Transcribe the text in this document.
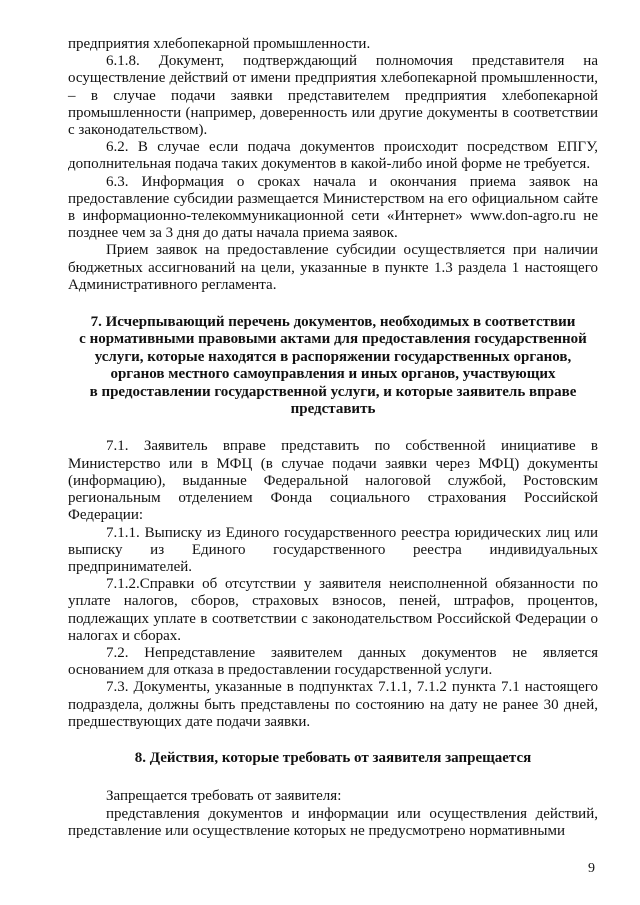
предприятия хлебопекарной промышленности.

6.1.8. Документ, подтверждающий полномочия представителя на осуществление действий от имени предприятия хлебопекарной промышленности, – в случае подачи заявки представителем предприятия хлебопекарной промышленности (например, доверенность или другие документы в соответствии с законодательством).

6.2. В случае если подача документов происходит посредством ЕПГУ, дополнительная подача таких документов в какой-либо иной форме не требуется.

6.3. Информация о сроках начала и окончания приема заявок на предоставление субсидии размещается Министерством на его официальном сайте в информационно-телекоммуникационной сети «Интернет» www.don-agro.ru не позднее чем за 3 дня до даты начала приема заявок.

Прием заявок на предоставление субсидии осуществляется при наличии бюджетных ассигнований на цели, указанные в пункте 1.3 раздела 1 настоящего Административного регламента.

7. Исчерпывающий перечень документов, необходимых в соответствии
с нормативными правовыми актами для предоставления государственной
услуги, которые находятся в распоряжении государственных органов,
органов местного самоуправления и иных органов, участвующих
в предоставлении государственной услуги, и которые заявитель вправе
представить

7.1. Заявитель вправе представить по собственной инициативе в Министерство или в МФЦ (в случае подачи заявки через МФЦ) документы (информацию), выданные Федеральной налоговой службой, Ростовским региональным отделением Фонда социального страхования Российской Федерации:

7.1.1. Выписку из Единого государственного реестра юридических лиц или выписку из Единого государственного реестра индивидуальных предпринимателей.

7.1.2.Справки об отсутствии у заявителя неисполненной обязанности по уплате налогов, сборов, страховых взносов, пеней, штрафов, процентов, подлежащих уплате в соответствии с законодательством Российской Федерации о налогах и сборах.

7.2. Непредставление заявителем данных документов не является основанием для отказа в предоставлении государственной услуги.

7.3. Документы, указанные в подпунктах 7.1.1, 7.1.2 пункта 7.1 настоящего подраздела, должны быть представлены по состоянию на дату не ранее 30 дней, предшествующих дате подачи заявки.

8. Действия, которые требовать от заявителя запрещается

Запрещается требовать от заявителя:

представления документов и информации или осуществления действий, представление или осуществление которых не предусмотрено нормативными

9
